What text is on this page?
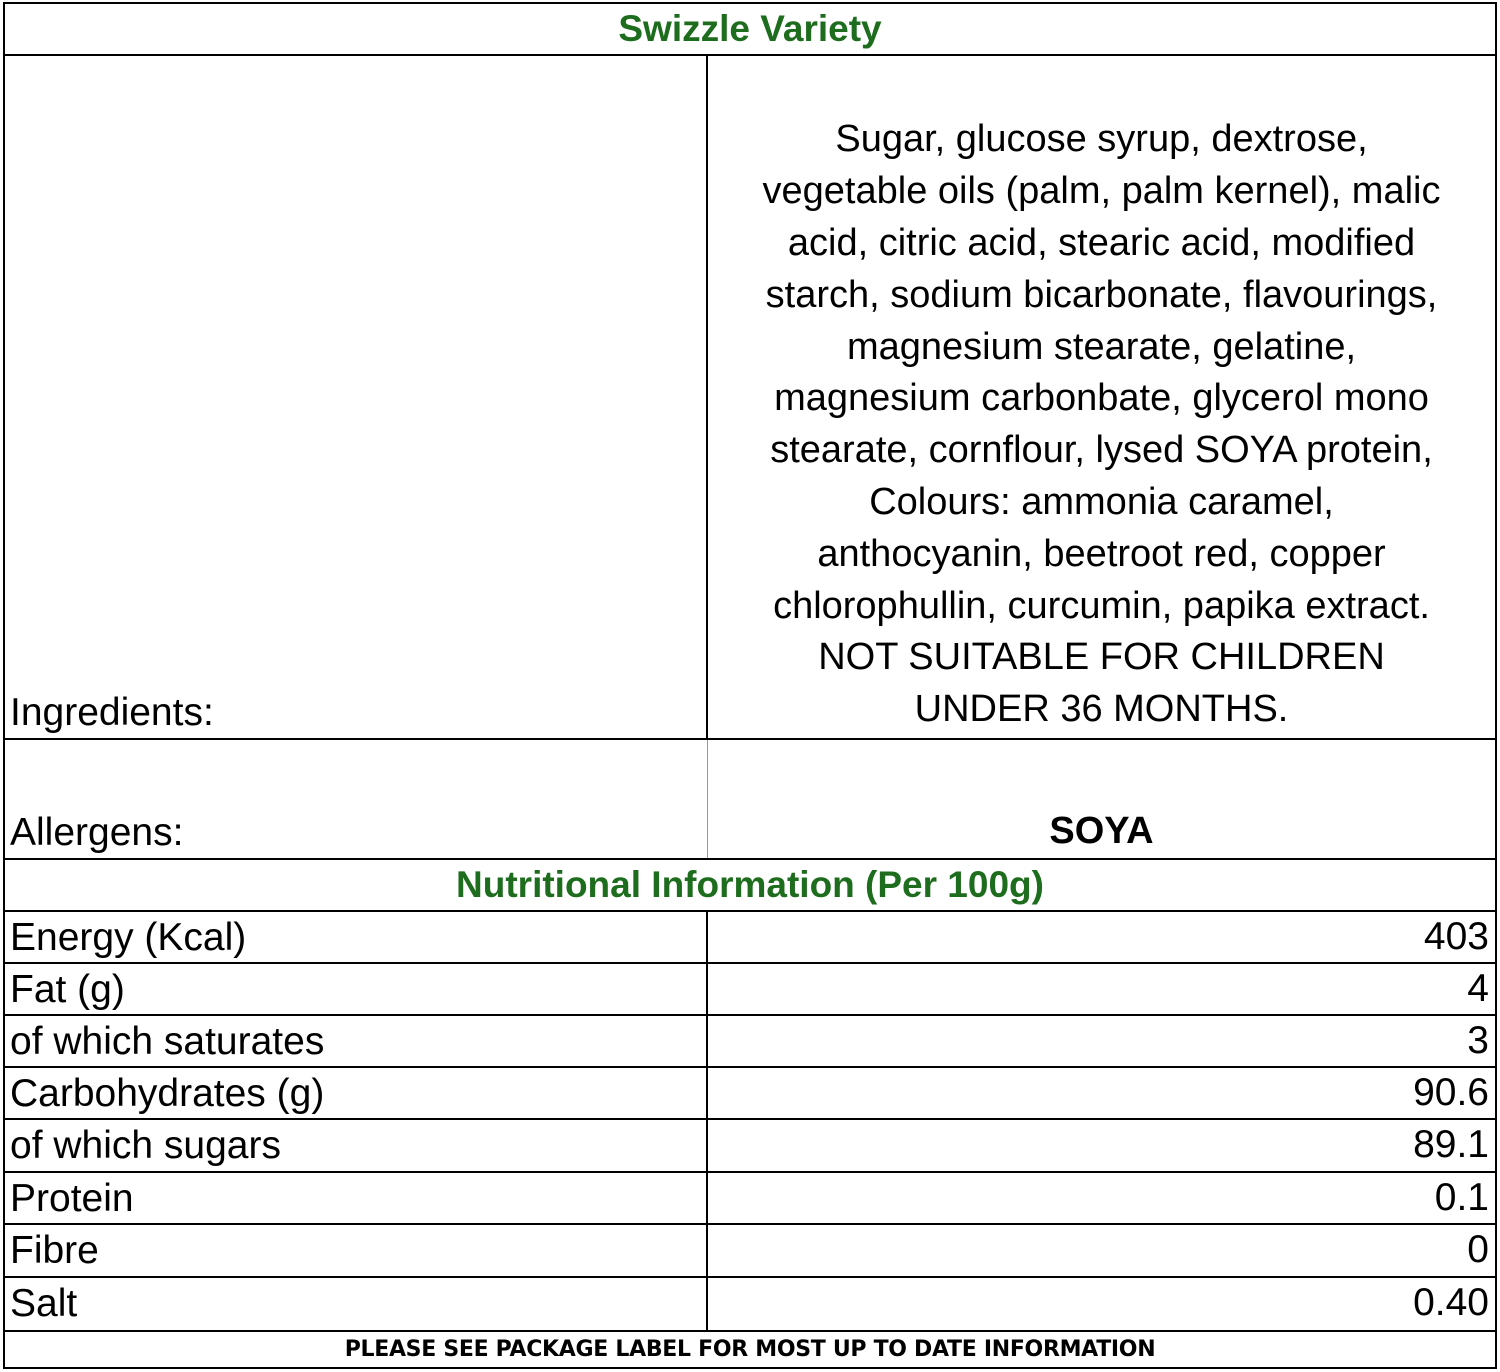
Swizzle Variety
Ingredients:
Sugar, glucose syrup, dextrose,
vegetable oils (palm, palm kernel), malic
acid, citric acid, stearic acid, modified
starch, sodium bicarbonate, flavourings,
magnesium stearate, gelatine,
magnesium carbonbate, glycerol mono
stearate, cornflour, lysed SOYA protein,
Colours: ammonia caramel,
anthocyanin, beetroot red, copper
chlorophullin, curcumin, papika extract.
NOT SUITABLE FOR CHILDREN
UNDER 36 MONTHS.
Allergens:	SOYA
Nutritional Information (Per 100g)
Energy (Kcal)	403
Fat (g)	4
of which saturates	3
Carbohydrates (g)	90.6
of which sugars	89.1
Protein	0.1
Fibre	0
Salt	0.40
PLEASE SEE PACKAGE LABEL FOR MOST UP TO DATE INFORMATION
